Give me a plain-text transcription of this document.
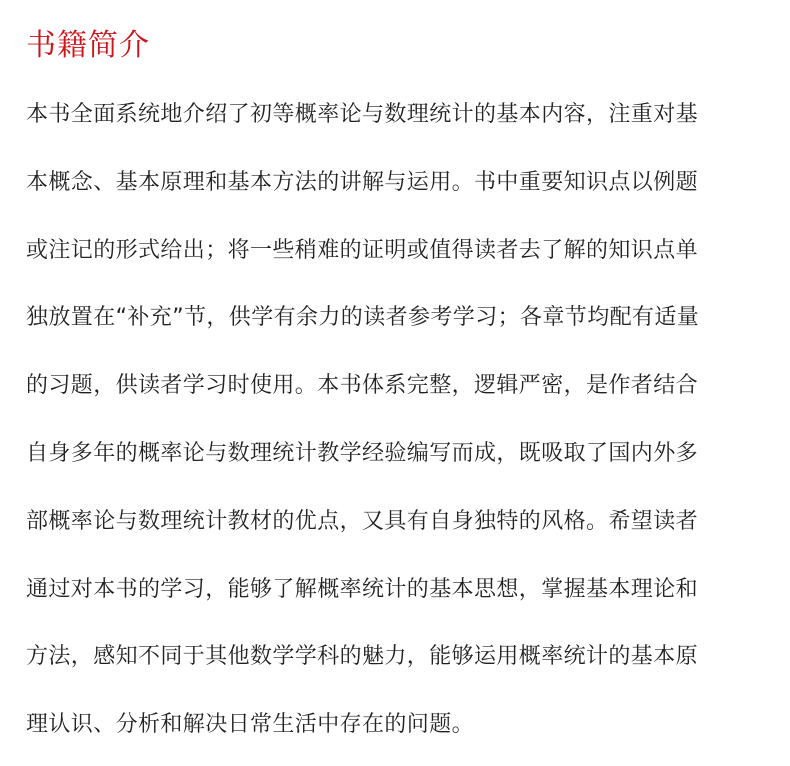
书籍简介
本书全面系统地介绍了初等概率论与数理统计的基本内容，注重对基
本概念、基本原理和基本方法的讲解与运用。书中重要知识点以例题
或注记的形式给出；将一些稍难的证明或值得读者去了解的知识点单
独放置在“补充”节，供学有余力的读者参考学习；各章节均配有适量
的习题，供读者学习时使用。本书体系完整，逻辑严密，是作者结合
自身多年的概率论与数理统计教学经验编写而成，既吸取了国内外多
部概率论与数理统计教材的优点，又具有自身独特的风格。希望读者
通过对本书的学习，能够了解概率统计的基本思想，掌握基本理论和
方法，感知不同于其他数学学科的魅力，能够运用概率统计的基本原
理认识、分析和解决日常生活中存在的问题。
